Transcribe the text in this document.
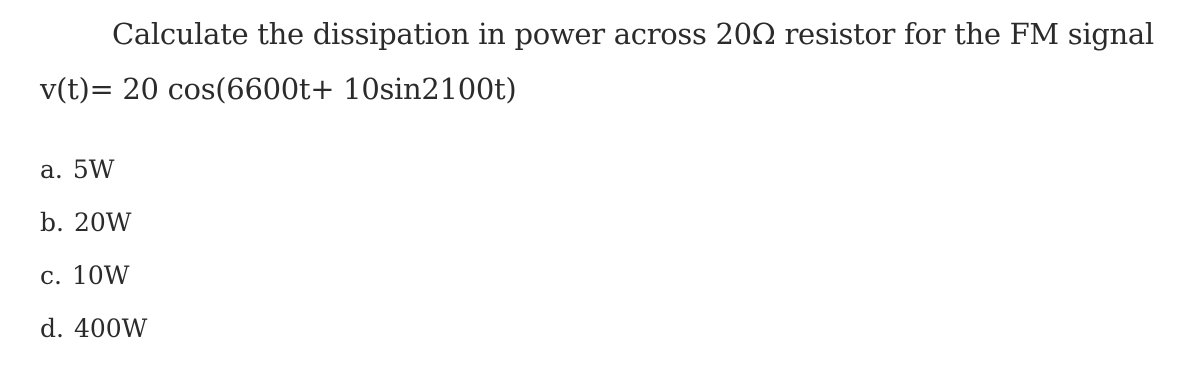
Calculate the dissipation in power across 20Ω resistor for the FM signal

v(t)= 20 cos(6600t+ 10sin2100t)

a. 5W
b. 20W
c. 10W
d. 400W
